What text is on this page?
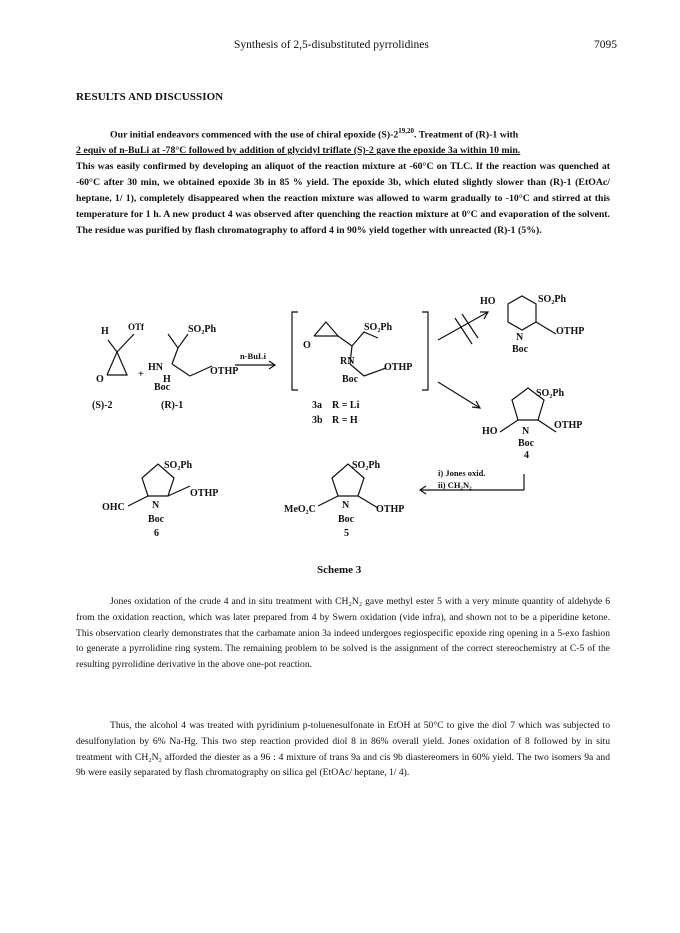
Synthesis of 2,5-disubstituted pyrrolidines	7095
RESULTS AND DISCUSSION
Our initial endeavors commenced with the use of chiral epoxide (S)-2$^{19,20}$. Treatment of (R)-1 with
2 equiv of n-BuLi at -78°C followed by addition of glycidyl triflate (S)-2 gave the epoxide 3a within 10 min.
This was easily confirmed by developing an aliquot of the reaction mixture at -60°C on TLC. If the reaction was quenched at -60°C after 30 min, we obtained epoxide 3b in 85 % yield. The epoxide 3b, which eluted slightly slower than (R)-1 (EtOAc/ heptane, 1/ 1), completely disappeared when the reaction mixture was allowed to warm gradually to -10°C and stirred at this temperature for 1 h. A new product 4 was observed after quenching the reaction mixture at 0°C and evaporation of the solvent. The residue was purified by flash chromatography to afford 4 in 90% yield together with unreacted (R)-1 (5%).
H OTf
O	+
HN
H
Boc
SO₂Ph
OTHP
n-BuLi
(S)-2	(R)-1
O
SO₂Ph
OTHP
RN
Boc
3a R = Li
3b R = H
HO	SO₂Ph
N
OTHP
Boc
SO₂Ph
HO
OTHP
N
Boc
4
i) Jones oxid.
ii) CH₂N₂
SO₂Ph
MeO₂C	N	OTHP
Boc
5
SO₂Ph
OHC	N
OTHP
Boc
6
Scheme 3
Jones oxidation of the crude 4 and in situ treatment with CH₂N₂ gave methyl ester 5 with a very minute quantity of aldehyde 6 from the oxidation reaction, which was later prepared from 4 by Swern oxidation (vide infra), and shown not to be a piperidine ketone. This observation clearly demonstrates that the carbamate anion 3a indeed undergoes regiospecific epoxide ring opening in a 5-exo fashion to generate a pyrrolidine ring system. The remaining problem to be solved is the assignment of the correct stereochemistry at C-5 of the resulting pyrrolidine derivative in the above one-pot reaction.
Thus, the alcohol 4 was treated with pyridinium p-toluenesulfonate in EtOH at 50°C to give the diol 7 which was subjected to desulfonylation by 6% Na-Hg. This two step reaction provided diol 8 in 86% overall yield. Jones oxidation of 8 followed by in situ treatment with CH₂N₂ afforded the diester as a 96 : 4 mixture of trans 9a and cis 9b diastereomers in 60% yield. The two isomers 9a and 9b were easily separated by flash chromatography on silica gel (EtOAc/ heptane, 1/ 4).
